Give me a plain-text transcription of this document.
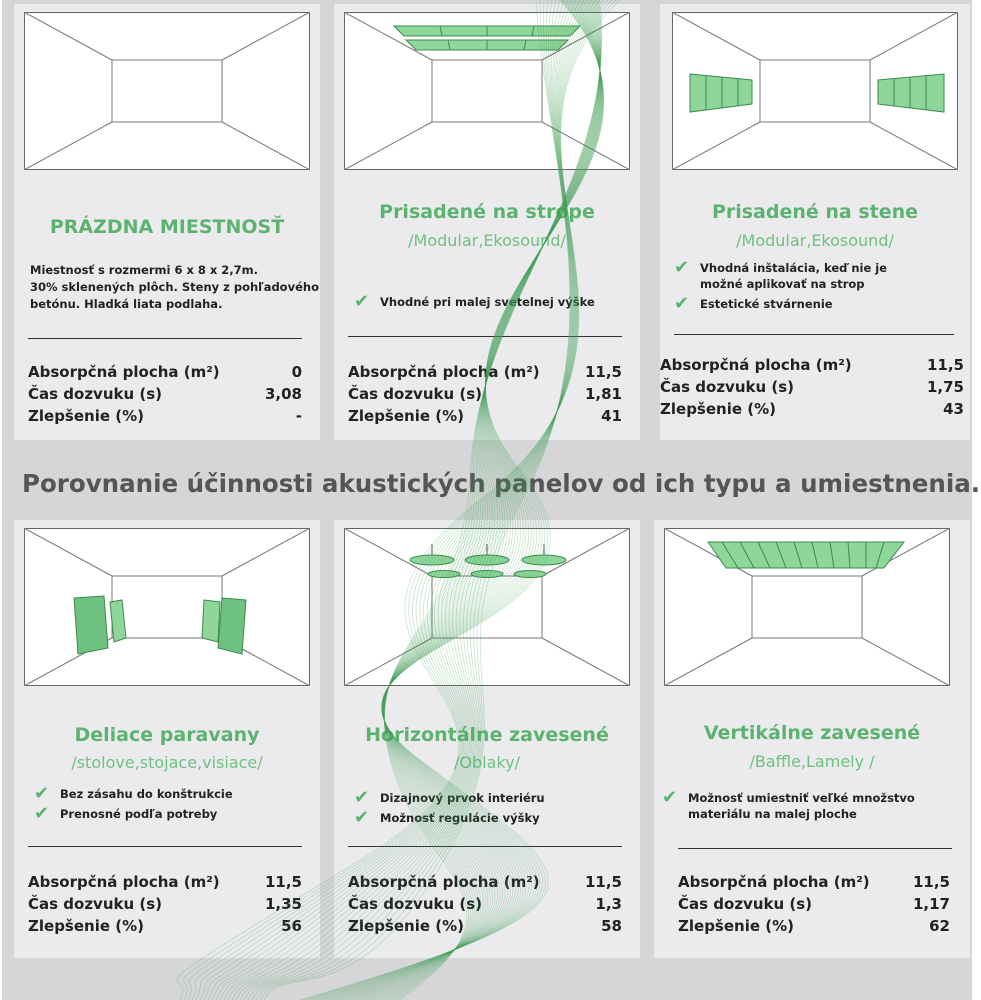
PRÁZDNA MIESTNOSŤ
Miestnosť s rozmermi 6 x 8 x 2,7m.
30% sklenených plôch. Steny z pohľadového
betónu. Hladká liata podlaha.
Absorpčná plocha (m²)	0
Čas dozvuku (s)	3,08
Zlepšenie (%)	-
Prisadené na strope
/Modular,Ekosound/
✔ Vhodné pri malej svetelnej výške
Absorpčná plocha (m²)	11,5
Čas dozvuku (s)	1,81
Zlepšenie (%)	41
Prisadené na stene
/Modular,Ekosound/
✔ Vhodná inštalácia, keď nie je možné aplikovať na strop
✔ Estetické stvárnenie
Absorpčná plocha (m²)	11,5
Čas dozvuku (s)	1,75
Zlepšenie (%)	43
Porovnanie účinnosti akustických panelov od ich typu a umiestnenia.
Deliace paravany
/stolove,stojace,visiace/
✔ Bez zásahu do konštrukcie
✔ Prenosné podľa potreby
Absorpčná plocha (m²)	11,5
Čas dozvuku (s)	1,35
Zlepšenie (%)	56
Horizontálne zavesené
/Oblaky/
✔ Dizajnový prvok interiéru
✔ Možnosť regulácie výšky
Absorpčná plocha (m²)	11,5
Čas dozvuku (s)	1,3
Zlepšenie (%)	58
Vertikálne zavesené
/Baffle,Lamely /
✔ Možnosť umiestniť veľké množstvo materiálu na malej ploche
Absorpčná plocha (m²)	11,5
Čas dozvuku (s)	1,17
Zlepšenie (%)	62
